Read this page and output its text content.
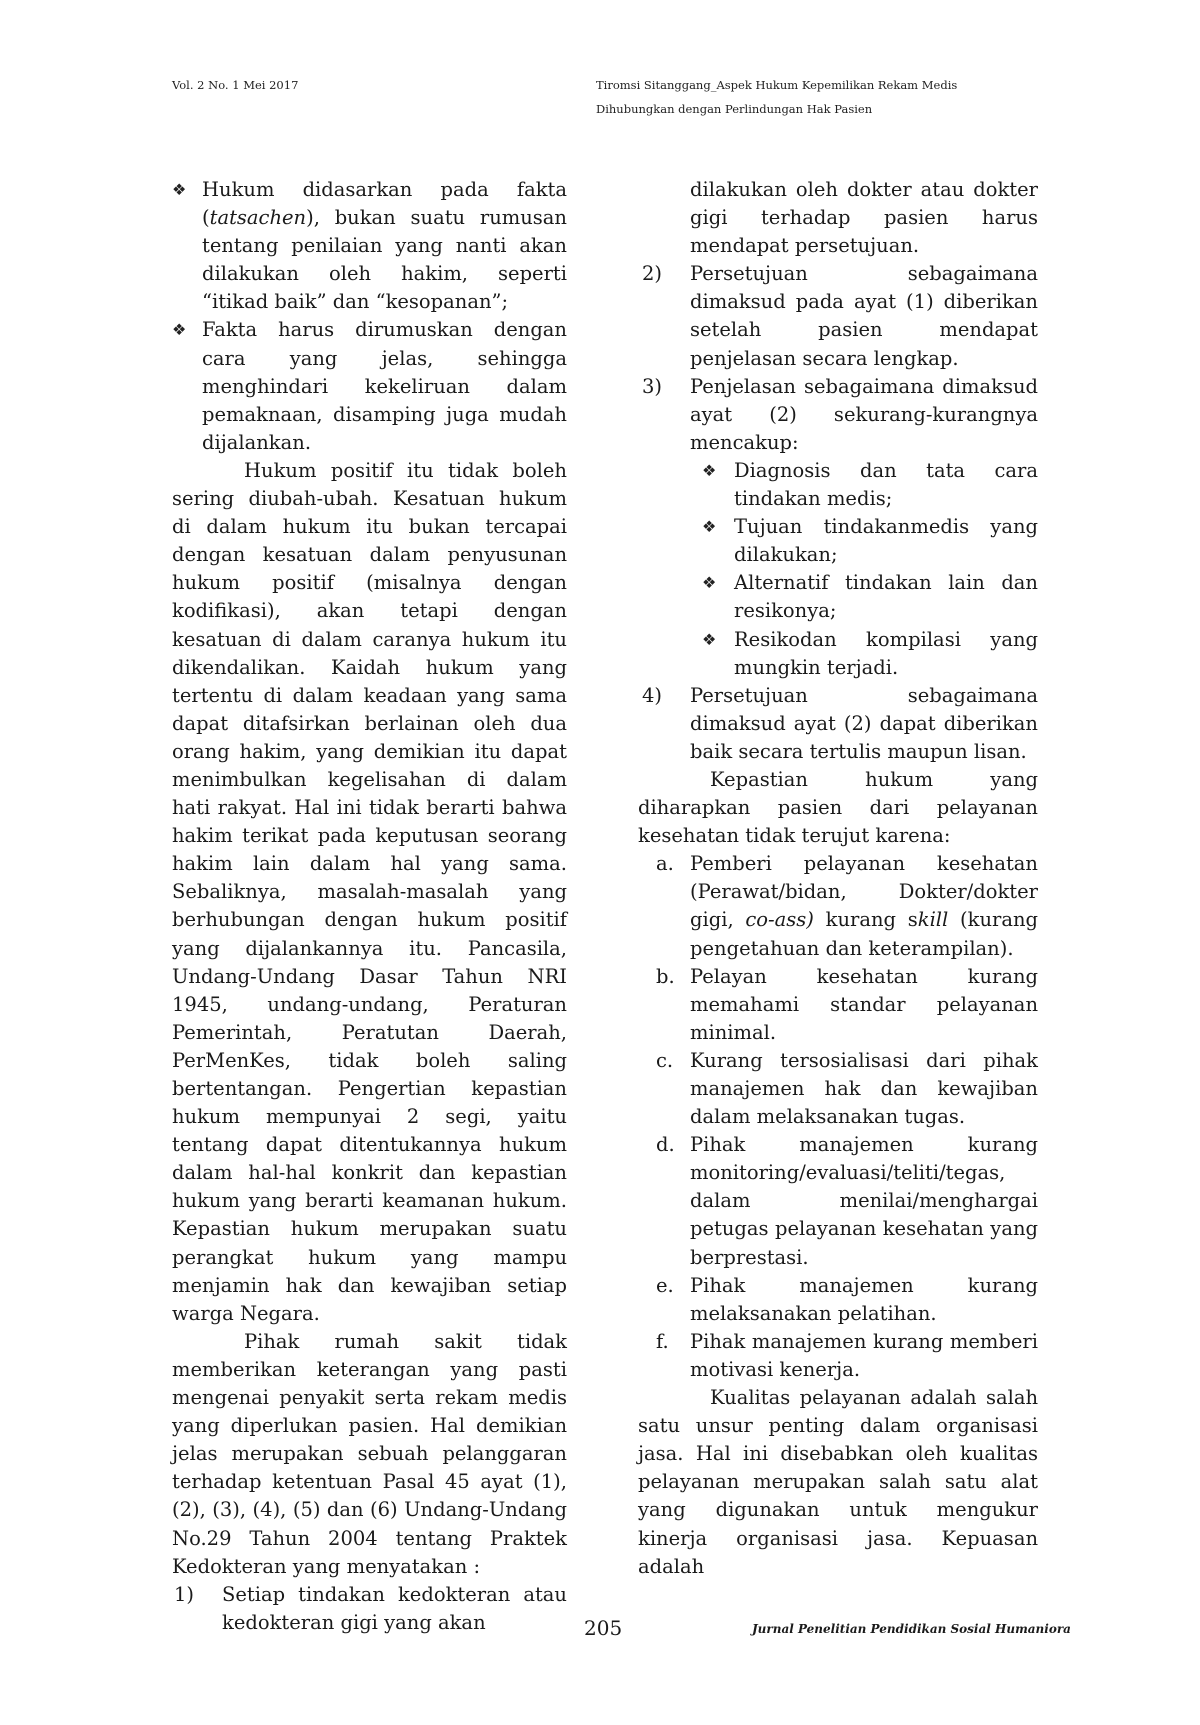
Vol. 2 No. 1 Mei 2017	Tiromsi Sitanggang_Aspek Hukum Kepemilikan Rekam Medis
Dihubungkan dengan Perlindungan Hak Pasien
❖ Hukum didasarkan pada fakta (tatsachen), bukan suatu rumusan tentang penilaian yang nanti akan dilakukan oleh hakim, seperti “itikad baik” dan “kesopanan”;
❖ Fakta harus dirumuskan dengan cara yang jelas, sehingga menghindari kekeliruan dalam pemaknaan, disamping juga mudah dijalankan.

Hukum positif itu tidak boleh sering diubah-ubah. Kesatuan hukum di dalam hukum itu bukan tercapai dengan kesatuan dalam penyusunan hukum positif (misalnya dengan kodifikasi), akan tetapi dengan kesatuan di dalam caranya hukum itu dikendalikan. Kaidah hukum yang tertentu di dalam keadaan yang sama dapat ditafsirkan berlainan oleh dua orang hakim, yang demikian itu dapat menimbulkan kegelisahan di dalam hati rakyat. Hal ini tidak berarti bahwa hakim terikat pada keputusan seorang hakim lain dalam hal yang sama. Sebaliknya, masalah-masalah yang berhubungan dengan hukum positif yang dijalankannya itu. Pancasila, Undang-Undang Dasar Tahun NRI 1945, undang-undang, Peraturan Pemerintah, Peratutan Daerah, PerMenKes, tidak boleh saling bertentangan. Pengertian kepastian hukum mempunyai 2 segi, yaitu tentang dapat ditentukannya hukum dalam hal-hal konkrit dan kepastian hukum yang berarti keamanan hukum. Kepastian hukum merupakan suatu perangkat hukum yang mampu menjamin hak dan kewajiban setiap warga Negara.

Pihak rumah sakit tidak memberikan keterangan yang pasti mengenai penyakit serta rekam medis yang diperlukan pasien. Hal demikian jelas merupakan sebuah pelanggaran terhadap ketentuan Pasal 45 ayat (1), (2), (3), (4), (5) dan (6) Undang-Undang No.29 Tahun 2004 tentang Praktek Kedokteran yang menyatakan :

1) Setiap tindakan kedokteran atau kedokteran gigi yang akan
dilakukan oleh dokter atau dokter gigi terhadap pasien harus mendapat persetujuan.
2) Persetujuan sebagaimana dimaksud pada ayat (1) diberikan setelah pasien mendapat penjelasan secara lengkap.
3) Penjelasan sebagaimana dimaksud ayat (2) sekurang-kurangnya mencakup:
❖ Diagnosis dan tata cara tindakan medis;
❖ Tujuan tindakanmedis yang dilakukan;
❖ Alternatif tindakan lain dan resikonya;
❖ Resikodan kompilasi yang mungkin terjadi.
4) Persetujuan sebagaimana dimaksud ayat (2) dapat diberikan baik secara tertulis maupun lisan.

Kepastian hukum yang diharapkan pasien dari pelayanan kesehatan tidak terujut karena:

a. Pemberi pelayanan kesehatan (Perawat/bidan, Dokter/dokter gigi, co-ass) kurang skill (kurang pengetahuan dan keterampilan).
b. Pelayan kesehatan kurang memahami standar pelayanan minimal.
c. Kurang tersosialisasi dari pihak manajemen hak dan kewajiban dalam melaksanakan tugas.
d. Pihak manajemen kurang monitoring/evaluasi/teliti/tegas, dalam menilai/menghargai petugas pelayanan kesehatan yang berprestasi.
e. Pihak manajemen kurang melaksanakan pelatihan.
f. Pihak manajemen kurang memberi motivasi kenerja.

Kualitas pelayanan adalah salah satu unsur penting dalam organisasi jasa. Hal ini disebabkan oleh kualitas pelayanan merupakan salah satu alat yang digunakan untuk mengukur kinerja organisasi jasa. Kepuasan adalah

205	Jurnal Penelitian Pendidikan Sosial Humaniora
